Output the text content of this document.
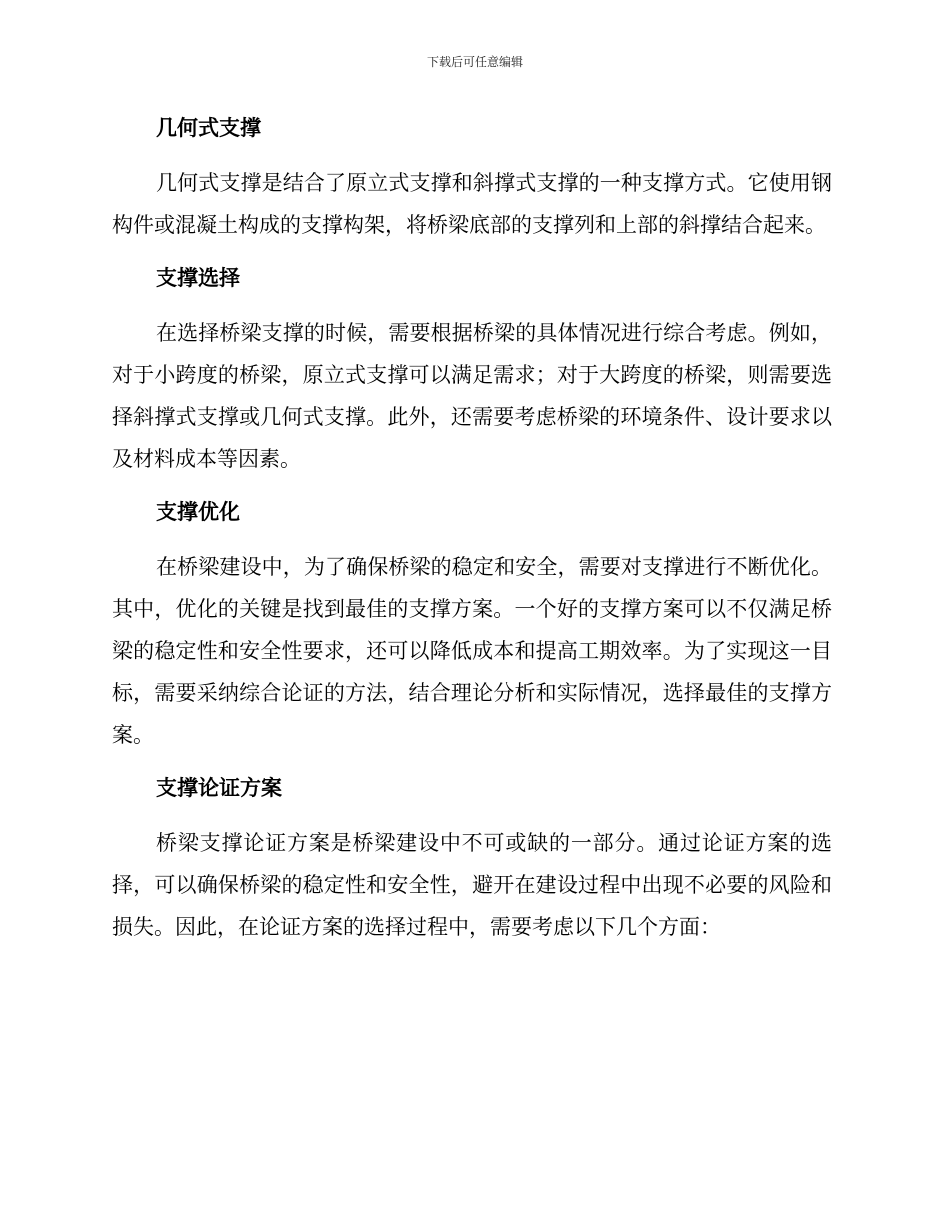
下载后可任意编辑
几何式支撑

几何式支撑是结合了原立式支撑和斜撑式支撑的一种支撑方式。它使用钢构件或混凝土构成的支撑构架，将桥梁底部的支撑列和上部的斜撑结合起来。

支撑选择

在选择桥梁支撑的时候，需要根据桥梁的具体情况进行综合考虑。例如，对于小跨度的桥梁，原立式支撑可以满足需求；对于大跨度的桥梁，则需要选择斜撑式支撑或几何式支撑。此外，还需要考虑桥梁的环境条件、设计要求以及材料成本等因素。

支撑优化

在桥梁建设中，为了确保桥梁的稳定和安全，需要对支撑进行不断优化。其中，优化的关键是找到最佳的支撑方案。一个好的支撑方案可以不仅满足桥梁的稳定性和安全性要求，还可以降低成本和提高工期效率。为了实现这一目标，需要采纳综合论证的方法，结合理论分析和实际情况，选择最佳的支撑方案。

支撑论证方案

桥梁支撑论证方案是桥梁建设中不可或缺的一部分。通过论证方案的选择，可以确保桥梁的稳定性和安全性，避开在建设过程中出现不必要的风险和损失。因此，在论证方案的选择过程中，需要考虑以下几个方面：
